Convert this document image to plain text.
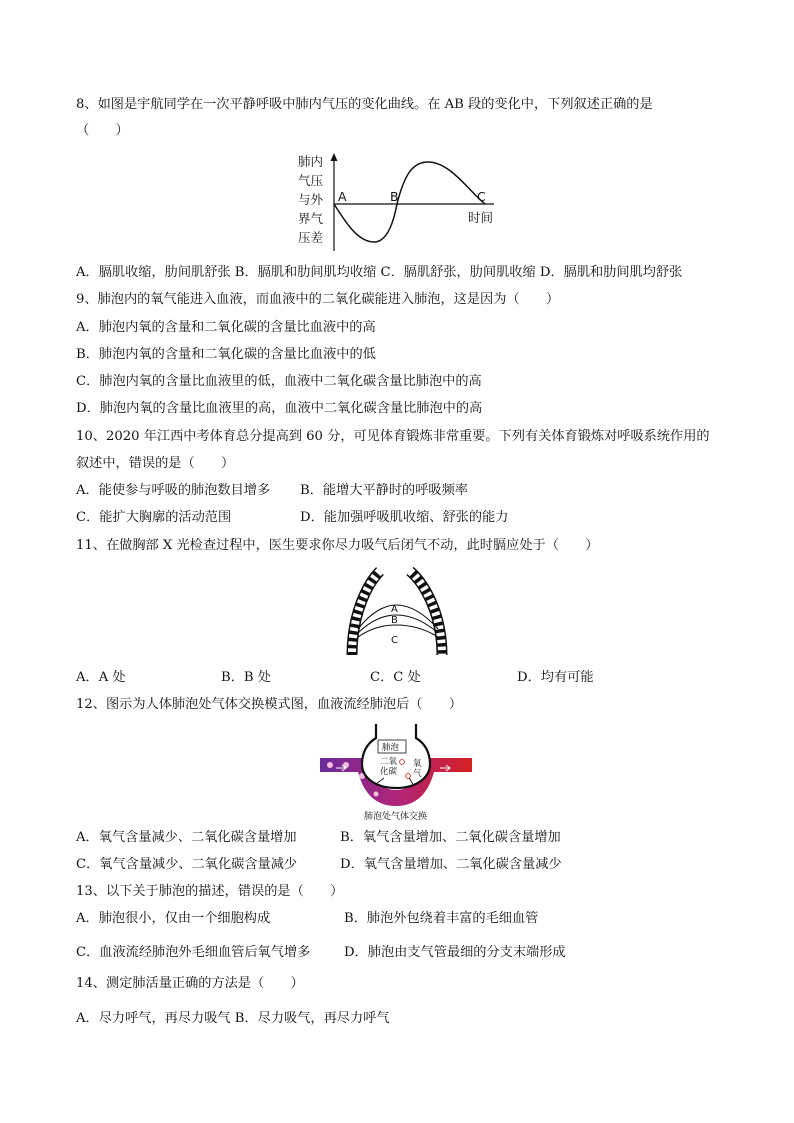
8、如图是宇航同学在一次平静呼吸中肺内气压的变化曲线。在 AB 段的变化中，下列叙述正确的是
（　　）
肺内
气压
与外
界气
压差
A	B	C
时间
A．膈肌收缩，肋间肌舒张 B．膈肌和肋间肌均收缩 C．膈肌舒张，肋间肌收缩 D．膈肌和肋间肌均舒张
9、肺泡内的氧气能进入血液，而血液中的二氧化碳能进入肺泡，这是因为（　　）
A．肺泡内氧的含量和二氧化碳的含量比血液中的高
B．肺泡内氧的含量和二氧化碳的含量比血液中的低
C．肺泡内氧的含量比血液里的低，血液中二氧化碳含量比肺泡中的高
D．肺泡内氧的含量比血液里的高，血液中二氧化碳含量比肺泡中的高
10、2020 年江西中考体育总分提高到 60 分，可见体育锻炼非常重要。下列有关体育锻炼对呼吸系统作用的
叙述中，错误的是（　　）
A．能使参与呼吸的肺泡数目增多 B．能增大平静时的呼吸频率
C．能扩大胸廓的活动范围	D．能加强呼吸肌收缩、舒张的能力
11、在做胸部 X 光检查过程中，医生要求你尽力吸气后闭气不动，此时膈应处于（　　）
A
B
C
A．A 处	B．B 处	C．C 处	D．均有可能
12、图示为人体肺泡处气体交换模式图，血液流经肺泡后（　　）
肺泡
二氧
化碳
氧
气
肺泡处气体交换
A．氧气含量减少、二氧化碳含量增加	B．氧气含量增加、二氧化碳含量增加
C．氧气含量减少、二氧化碳含量减少	D．氧气含量增加、二氧化碳含量减少
13、以下关于肺泡的描述，错误的是（　　）
A．肺泡很小，仅由一个细胞构成	B．肺泡外包绕着丰富的毛细血管
C．血液流经肺泡外毛细血管后氧气增多	D．肺泡由支气管最细的分支末端形成
14、测定肺活量正确的方法是（　　）
A．尽力呼气，再尽力吸气 B．尽力吸气，再尽力呼气
